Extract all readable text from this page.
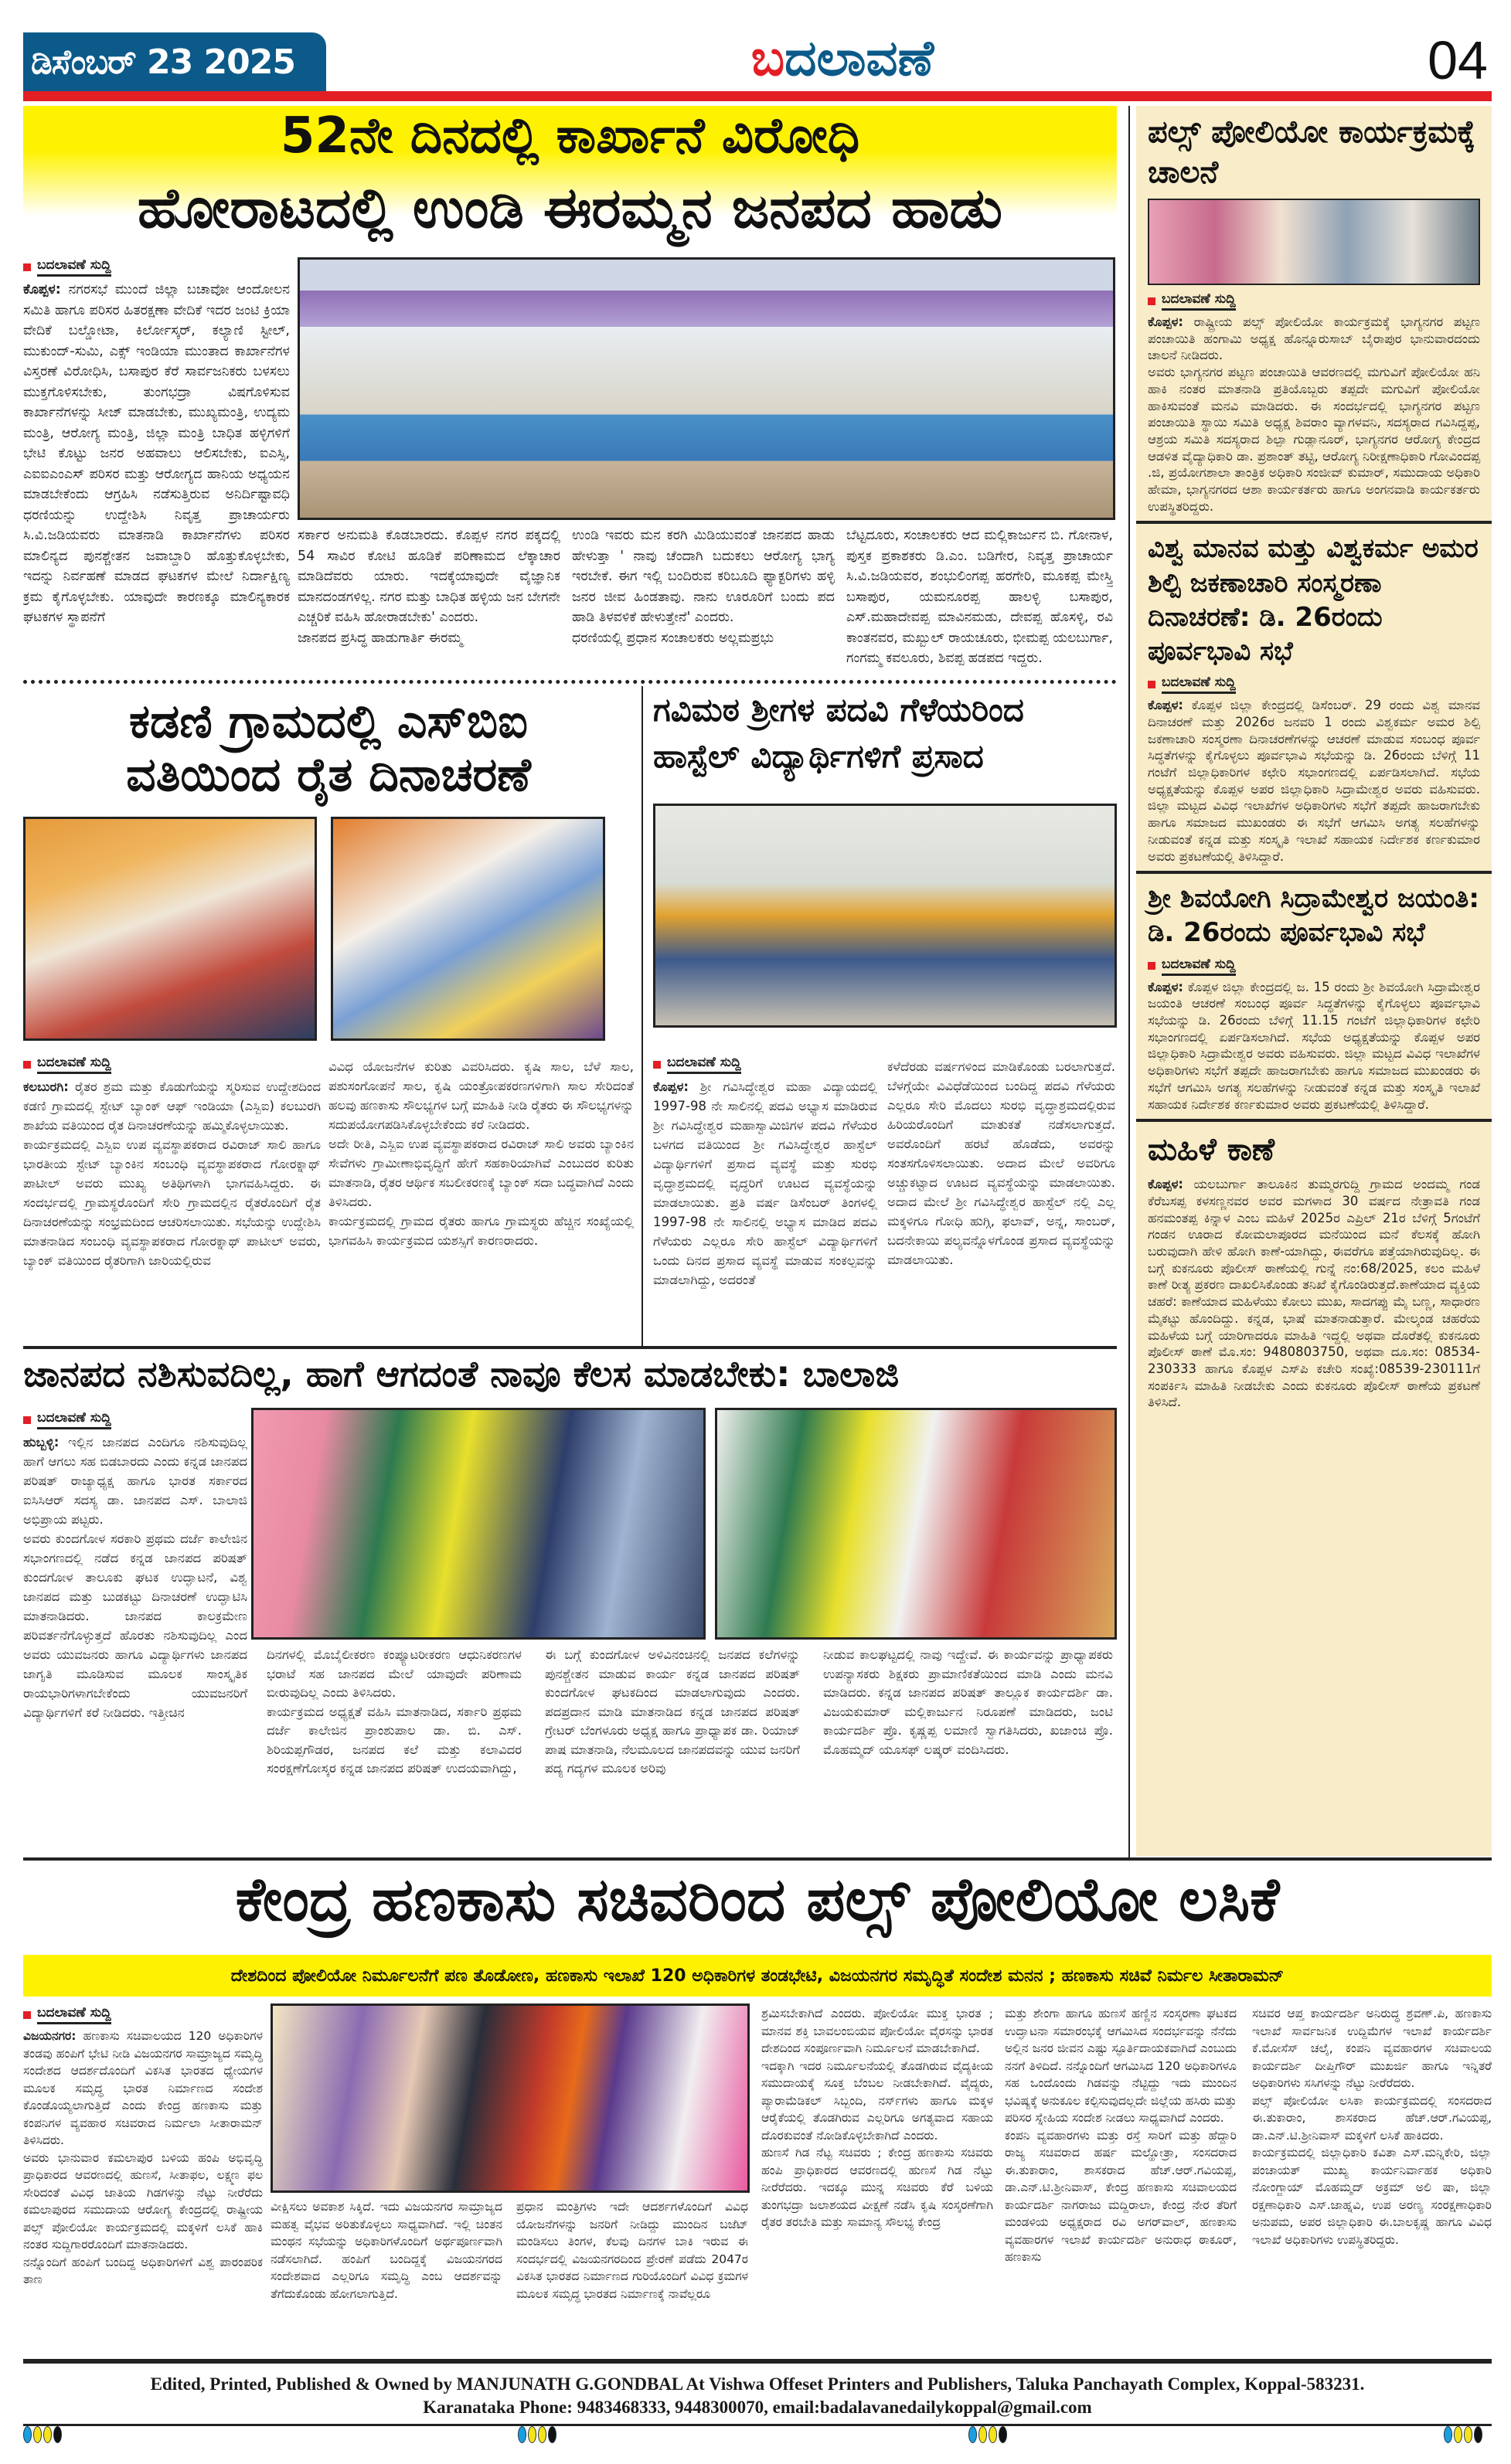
ಡಿಸೆಂಬರ್ 23 2025	ಬದಲಾವಣೆ	04
52ನೇ ದಿನದಲ್ಲಿ ಕಾರ್ಖಾನೆ ವಿರೋಧಿ
ಹೋರಾಟದಲ್ಲಿ ಉಂಡಿ ಈರಮ್ಮನ ಜನಪದ ಹಾಡು
ಬದಲಾವಣೆ ಸುದ್ದಿ
ಕೊಪ್ಪಳ: ನಗರಸಭೆ ಮುಂದೆ ಜಿಲ್ಲಾ ಬಚಾವೋ ಆಂದೋಲನ ಸಮಿತಿ ಹಾಗೂ ಪರಿಸರ ಹಿತರಕ್ಷಣಾ ವೇದಿಕೆ ಇದರ ಜಂಟಿ ಕ್ರಿಯಾ ವೇದಿಕೆ ಬಲ್ಡೋಟಾ, ಕಿರ್ಲೋಸ್ಕರ್, ಕಲ್ಯಾಣಿ ಸ್ಟೀಲ್, ಮುಕುಂದ್-ಸುಮಿ, ಎಕ್ಸ್ ಇಂಡಿಯಾ ಮುಂತಾದ ಕಾರ್ಖಾನೆಗಳ ವಿಸ್ತರಣೆ ವಿರೋಧಿಸಿ, ಬಸಾಪುರ ಕೆರೆ ಸಾರ್ವಜನಿಕರು ಬಳಸಲು ಮುಕ್ತಗೊಳಿಸಬೇಕು, ತುಂಗಭದ್ರಾ ವಿಷಗೊಳಿಸುವ ಕಾರ್ಖಾನೆಗಳನ್ನು ಸೀಜ್ ಮಾಡಬೇಕು, ಮುಖ್ಯಮಂತ್ರಿ, ಉದ್ಯಮ ಮಂತ್ರಿ, ಆರೋಗ್ಯ ಮಂತ್ರಿ, ಜಿಲ್ಲಾ ಮಂತ್ರಿ ಬಾಧಿತ ಹಳ್ಳಿಗಳಿಗೆ ಭೇಟಿ ಕೊಟ್ಟು ಜನರ ಅಹವಾಲು ಆಲಿಸಬೇಕು, ಐಎಸ್ಸಿ, ಎಐಐಎಂಎಸ್ ಪರಿಸರ ಮತ್ತು ಆರೋಗ್ಯದ ಹಾನಿಯ ಅಧ್ಯಯನ ಮಾಡಬೇಕೆಂದು ಆಗ್ರಹಿಸಿ ನಡೆಸುತ್ತಿರುವ ಅನಿರ್ದಿಷ್ಟಾವಧಿ ಧರಣಿಯನ್ನು ಉದ್ದೇಶಿಸಿ ನಿವೃತ್ತ ಪ್ರಾಚಾರ್ಯರು ಸಿ.ವಿ.ಜಡಿಯವರು ಮಾತನಾಡಿ ಕಾರ್ಖಾನೆಗಳು ಪರಿಸರ ಮಾಲಿನ್ಯದ ಪುನಶ್ಚೇತನ ಜವಾಬ್ದಾರಿ ಹೊತ್ತುಕೊಳ್ಳಬೇಕು, ಇದನ್ನು ನಿರ್ವಹಣೆ ಮಾಡದ ಘಟಕಗಳ ಮೇಲೆ ನಿರ್ದಾಕ್ಷಿಣ್ಯ ಕ್ರಮ ಕೈಗೊಳ್ಳಬೇಕು. ಯಾವುದೇ ಕಾರಣಕ್ಕೂ ಮಾಲಿನ್ಯಕಾರಕ ಘಟಕಗಳ ಸ್ಥಾಪನೆಗೆ
ಸರ್ಕಾರ ಅನುಮತಿ ಕೊಡಬಾರದು. ಕೊಪ್ಪಳ ನಗರ ಪಕ್ಕದಲ್ಲಿ 54 ಸಾವಿರ ಕೋಟಿ ಹೂಡಿಕೆ ಪರಿಣಾಮದ ಲೆಕ್ಕಾಚಾರ ಮಾಡಿದೆವರು ಯಾರು. ಇದಕ್ಕೆಯಾವುದೇ ವೈಜ್ಞಾನಿಕ ಮಾನದಂಡಗಳಿಲ್ಲ. ನಗರ ಮತ್ತು ಬಾಧಿತ ಹಳ್ಳಿಯ ಜನ ಬೇಗನೇ ಎಚ್ಚರಿಕೆ ವಹಿಸಿ ಹೋರಾಡಬೇಕು' ಎಂದರು.
ಜಾನಪದ ಪ್ರಸಿದ್ಧ ಹಾಡುಗಾರ್ತಿ ಈರಮ್ಮ
ಉಂಡಿ ಇವರು ಮನ ಕರಗಿ ಮಿಡಿಯುವಂತೆ ಜಾನಪದ ಹಾಡು ಹೇಳುತ್ತಾ ' ನಾವು ಚೆಂದಾಗಿ ಬದುಕಲು ಆರೋಗ್ಯ ಭಾಗ್ಯ ಇರಬೇಕೆ. ಈಗ ಇಲ್ಲಿ ಬಂದಿರುವ ಕರಿಬೂದಿ ಫ್ಯಾಕ್ಟರಿಗಳು ಹಳ್ಳಿ ಜನರ ಜೀವ ಹಿಂಡತಾವು. ನಾನು ಊರೂರಿಗೆ ಬಂದು ಪದ ಹಾಡಿ ತಿಳವಳಿಕೆ ಹೇಳುತ್ತೇನೆ' ಎಂದರು.
ಧರಣಿಯಲ್ಲಿ ಪ್ರಧಾನ ಸಂಚಾಲಕರು ಅಲ್ಲಮಪ್ರಭು
ಬೆಟ್ಟದೂರು, ಸಂಚಾಲಕರು ಆದ ಮಲ್ಲಿಕಾರ್ಜುನ ಬಿ. ಗೋನಾಳ, ಪುಸ್ತಕ ಪ್ರಕಾಶಕರು ಡಿ.ಎಂ. ಬಡಿಗೇರ, ನಿವೃತ್ತ ಪ್ರಾಚಾರ್ಯ ಸಿ.ವಿ.ಜಡಿಯವರ, ಶಂಭುಲಿಂಗಪ್ಪ ಹರಗೇರಿ, ಮೂಕಪ್ಪ ಮೇಸ್ತ್ರಿ ಬಸಾಪುರ, ಯಮನೂರಪ್ಪ ಹಾಲಳ್ಳಿ ಬಸಾಪುರ, ಎಸ್.ಮಹಾದೇವಪ್ಪ ಮಾವಿನಮಡು, ದೇವಪ್ಪ ಹೊಸಳ್ಳಿ, ರವಿ ಕಾಂತನವರ, ಮಖ್ಬುಲ್ ರಾಯಚೂರು, ಭೀಮಪ್ಪ ಯಲಬುರ್ಗಾ, ಗಂಗಮ್ಮ ಕವಲೂರು, ಶಿವಪ್ಪ ಹಡಪದ ಇದ್ದರು.
ಪಲ್ಸ್ ಪೋಲಿಯೋ ಕಾರ್ಯಕ್ರಮಕ್ಕೆ ಚಾಲನೆ
ಬದಲಾವಣೆ ಸುದ್ದಿ
ಕೊಪ್ಪಳ: ರಾಷ್ಟ್ರೀಯ ಪಲ್ಸ್ ಪೋಲಿಯೋ ಕಾರ್ಯಕ್ರಮಕ್ಕೆ ಭಾಗ್ಯನಗರ ಪಟ್ಟಣ ಪಂಚಾಯಿತಿ ಹಂಗಾಮಿ ಅಧ್ಯಕ್ಷ ಹೊನ್ನೂರುಸಾಬ್ ಬೈರಾಪುರ ಭಾನುವಾರದಂದು ಚಾಲನೆ ನೀಡಿದರು.
ಅವರು ಭಾಗ್ಯನಗರ ಪಟ್ಟಣ ಪಂಚಾಯಿತಿ ಆವರಣದಲ್ಲಿ ಮಗುವಿಗೆ ಪೋಲಿಯೋ ಹನಿ ಹಾಕಿ ನಂತರ ಮಾತನಾಡಿ ಪ್ರತಿಯೊಬ್ಬರು ತಪ್ಪದೇ ಮಗುವಿಗೆ ಪೋಲಿಯೋ ಹಾಕಿಸುವಂತೆ ಮನವಿ ಮಾಡಿದರು. ಈ ಸಂದರ್ಭದಲ್ಲಿ ಭಾಗ್ಯನಗರ ಪಟ್ಟಣ ಪಂಚಾಯಿತಿ ಸ್ಥಾಯಿ ಸಮಿತಿ ಅಧ್ಯಕ್ಷ ಶಿವರಾಂ ವ್ಯಾಗಳವನಿ, ಸದಸ್ಯರಾದ ಗವಿಸಿದ್ದಪ್ಪ, ಆಶ್ರಯ ಸಮಿತಿ ಸದಸ್ಯರಾದ ಶಿಲ್ಪಾ ಗುಡ್ಲಾನೂರ್, ಭಾಗ್ಯನಗರ ಆರೋಗ್ಯ ಕೇಂದ್ರದ ಆಡಳಿತ ವೈದ್ಯಾಧಿಕಾರಿ ಡಾ. ಪ್ರಶಾಂತ್ ತಟ್ಟಿ, ಆರೋಗ್ಯ ನಿರೀಕ್ಷಣಾಧಿಕಾರಿ ಗೋವಿಂದಪ್ಪ .ಜಿ, ಪ್ರಯೋಗಶಾಲಾ ತಾಂತ್ರಿಕ ಅಧಿಕಾರಿ ಸಂಜೀವ್ ಕುಮಾರ್, ಸಮುದಾಯ ಅಧಿಕಾರಿ ಹೇಮಾ, ಭಾಗ್ಯನಗರದ ಆಶಾ ಕಾರ್ಯಕರ್ತರು ಹಾಗೂ ಅಂಗನವಾಡಿ ಕಾರ್ಯಕರ್ತರು ಉಪಸ್ಥಿತರಿದ್ದರು.
ವಿಶ್ವ ಮಾನವ ಮತ್ತು ವಿಶ್ವಕರ್ಮ ಅಮರ ಶಿಲ್ಪಿ ಜಕಣಾಚಾರಿ ಸಂಸ್ಮರಣಾ ದಿನಾಚರಣೆ: ಡಿ. 26ರಂದು ಪೂರ್ವಭಾವಿ ಸಭೆ
ಬದಲಾವಣೆ ಸುದ್ದಿ
ಕೊಪ್ಪಳ: ಕೊಪ್ಪಳ ಜಿಲ್ಲಾ ಕೇಂದ್ರದಲ್ಲಿ ಡಿಸೆಂಬರ್. 29 ರಂದು ವಿಶ್ವ ಮಾನವ ದಿನಾಚರಣೆ ಮತ್ತು 2026ರ ಜನವರಿ 1 ರಂದು ವಿಶ್ವಕರ್ಮ ಅಮರ ಶಿಲ್ಪಿ ಜಕಣಾಚಾರಿ ಸಂಸ್ಮರಣಾ ದಿನಾಚರಣೆಗಳನ್ನು ಆಚರಣೆ ಮಾಡುವ ಸಂಬಂಧ ಪೂರ್ವ ಸಿದ್ಧತೆಗಳನ್ನು ಕೈಗೊಳ್ಳಲು ಪೂರ್ವಭಾವಿ ಸಭೆಯನ್ನು ಡಿ. 26ರಂದು ಬೆಳಿಗ್ಗೆ 11 ಗಂಟೆಗೆ ಜಿಲ್ಲಾಧಿಕಾರಿಗಳ ಕಛೇರಿ ಸಭಾಂಗಣದಲ್ಲಿ ಏರ್ಪಡಿಸಲಾಗಿದೆ. ಸಭೆಯ ಅಧ್ಯಕ್ಷತೆಯನ್ನು ಕೊಪ್ಪಳ ಅಪರ ಜಿಲ್ಲಾಧಿಕಾರಿ ಸಿದ್ರಾಮೇಶ್ವರ ಅವರು ವಹಿಸುವರು. ಜಿಲ್ಲಾ ಮಟ್ಟದ ವಿವಿಧ ಇಲಾಖೆಗಳ ಅಧಿಕಾರಿಗಳು ಸಭೆಗೆ ತಪ್ಪದೇ ಹಾಜರಾಗಬೇಕು ಹಾಗೂ ಸಮಾಜದ ಮುಖಂಡರು ಈ ಸಭೆಗೆ ಆಗಮಿಸಿ ಅಗತ್ಯ ಸಲಹೆಗಳನ್ನು ನೀಡುವಂತೆ ಕನ್ನಡ ಮತ್ತು ಸಂಸ್ಕೃತಿ ಇಲಾಖೆ ಸಹಾಯಕ ನಿರ್ದೇಶಕ ಕರ್ಣಕುಮಾರ ಅವರು ಪ್ರಕಟಣೆಯಲ್ಲಿ ತಿಳಿಸಿದ್ದಾರೆ.
ಶ್ರೀ ಶಿವಯೋಗಿ ಸಿದ್ರಾಮೇಶ್ವರ ಜಯಂತಿ: ಡಿ. 26ರಂದು ಪೂರ್ವಭಾವಿ ಸಭೆ
ಬದಲಾವಣೆ ಸುದ್ದಿ
ಕೊಪ್ಪಳ: ಕೊಪ್ಪಳ ಜಿಲ್ಲಾ ಕೇಂದ್ರದಲ್ಲಿ ಜ. 15 ರಂದು ಶ್ರೀ ಶಿವಯೋಗಿ ಸಿದ್ರಾಮೇಶ್ವರ ಜಯಂತಿ ಆಚರಣೆ ಸಂಬಂಧ ಪೂರ್ವ ಸಿದ್ಧತೆಗಳನ್ನು ಕೈಗೊಳ್ಳಲು ಪೂರ್ವಭಾವಿ ಸಭೆಯನ್ನು ಡಿ. 26ರಂದು ಬೆಳಿಗ್ಗೆ 11.15 ಗಂಟೆಗೆ ಜಿಲ್ಲಾಧಿಕಾರಿಗಳ ಕಛೇರಿ ಸಭಾಂಗಣದಲ್ಲಿ ಏರ್ಪಡಿಸಲಾಗಿದೆ. ಸಭೆಯ ಅಧ್ಯಕ್ಷತೆಯನ್ನು ಕೊಪ್ಪಳ ಅಪರ ಜಿಲ್ಲಾಧಿಕಾರಿ ಸಿದ್ರಾಮೇಶ್ವರ ಅವರು ವಹಿಸುವರು. ಜಿಲ್ಲಾ ಮಟ್ಟದ ವಿವಿಧ ಇಲಾಖೆಗಳ ಅಧಿಕಾರಿಗಳು ಸಭೆಗೆ ತಪ್ಪದೇ ಹಾಜರಾಗಬೇಕು ಹಾಗೂ ಸಮಾಜದ ಮುಖಂಡರು ಈ ಸಭೆಗೆ ಆಗಮಿಸಿ ಅಗತ್ಯ ಸಲಹೆಗಳನ್ನು ನೀಡುವಂತೆ ಕನ್ನಡ ಮತ್ತು ಸಂಸ್ಕೃತಿ ಇಲಾಖೆ ಸಹಾಯಕ ನಿರ್ದೇಶಕ ಕರ್ಣಕುಮಾರ ಅವರು ಪ್ರಕಟಣೆಯಲ್ಲಿ ತಿಳಿಸಿದ್ದಾರೆ.
ಮಹಿಳೆ ಕಾಣೆ
ಕೊಪ್ಪಳ: ಯಲಬುರ್ಗಾ ತಾಲೂಕಿನ ತುಮ್ಮರಗುದ್ದಿ ಗ್ರಾಮದ ಅಂದಮ್ಮ ಗಂಡ ಕೆರೆಬಸಪ್ಪ ಕಳಸಣ್ಣನವರ ಅವರ ಮಗಳಾದ 30 ವರ್ಷದ ನೇತ್ರಾವತಿ ಗಂಡ ಹನಮಂತಪ್ಪ ಕಿನ್ನಾಳ ಎಂಬ ಮಹಿಳೆ 2025ರ ಎಪ್ರಿಲ್ 21ರ ಬೆಳಿಗ್ಗೆ 5ಗಂಟೆಗೆ ಗಂಡನ ಊರಾದ ಕೋಮಲಾಪೂರದ ಮನೆಯಿಂದ ಮನೆ ಕೆಲಸಕ್ಕೆ ಹೋಗಿ ಬರುವುದಾಗಿ ಹೇಳಿ ಹೋಗಿ ಕಾಣೆ-ಯಾಗಿದ್ದು, ಈವರೆಗೂ ಪತ್ತೆಯಾಗಿರುವುದಿಲ್ಲ. ಈ ಬಗ್ಗೆ ಕುಕನೂರು ಪೊಲೀಸ್ ಠಾಣೆಯಲ್ಲಿ ಗುನ್ನೆ ನಂ:68/2025, ಕಲಂ ಮಹಿಳೆ ಕಾಣೆ ರೀತ್ಯ ಪ್ರಕರಣ ದಾಖಲಿಸಿಕೊಂಡು ತನಿಖೆ ಕೈಗೊಂಡಿರುತ್ತದೆ.ಕಾಣೆಯಾದ ವ್ಯಕ್ತಿಯ ಚಹರೆ: ಕಾಣೆಯಾದ ಮಹಿಳೆಯು ಕೋಲು ಮುಖ, ಸಾದಗಪ್ಪು ಮೈ ಬಣ್ಣ, ಸಾಧಾರಣ ಮೈಕಟ್ಟು ಹೊಂದಿದ್ದು. ಕನ್ನಡ, ಭಾಷೆ ಮಾತನಾಡುತ್ತಾರೆ. ಮೇಲ್ಕಂಡ ಚಹರೆಯ ಮಹಿಳೆಯ ಬಗ್ಗೆ ಯಾರಿಗಾದರೂ ಮಾಹಿತಿ ಇದ್ದಲ್ಲಿ ಅಥವಾ ದೊರೆತಲ್ಲಿ ಕುಕನೂರು ಪೊಲೀಸ್ ಠಾಣೆ ಮೊ.ಸಂ: 9480803750, ಅಥವಾ ದೂ.ಸಂ: 08534-230333 ಹಾಗೂ ಕೊಪ್ಪಳ ಎಸ್‌ಪಿ ಕಚೇರಿ ಸಂಖ್ಯೆ:08539-230111ಗೆ ಸಂಪರ್ಕಿಸಿ ಮಾಹಿತಿ ನೀಡಬೇಕು ಎಂದು ಕುಕನೂರು ಪೊಲೀಸ್ ಠಾಣೆಯ ಪ್ರಕಟಣೆ ತಿಳಿಸಿದೆ.
ಕಡಣಿ ಗ್ರಾಮದಲ್ಲಿ ಎಸ್‌ಬಿಐ
ವತಿಯಿಂದ ರೈತ ದಿನಾಚರಣೆ
ಬದಲಾವಣೆ ಸುದ್ದಿ
ಕಲಬುರಗಿ: ರೈತರ ಶ್ರಮ ಮತ್ತು ಕೊಡುಗೆಯನ್ನು ಸ್ಮರಿಸುವ ಉದ್ದೇಶದಿಂದ ಕಡಣಿ ಗ್ರಾಮದಲ್ಲಿ ಸ್ಟೇಟ್ ಬ್ಯಾಂಕ್ ಆಫ್ ಇಂಡಿಯಾ (ಎಸ್ಬಿಐ) ಕಲಬುರಗಿ ಶಾಖೆಯ ವತಿಯಿಂದ ರೈತ ದಿನಾಚರಣೆಯನ್ನು ಹಮ್ಮಿಕೊಳ್ಳಲಾಯಿತು.
ಕಾರ್ಯಕ್ರಮದಲ್ಲಿ ಎಸ್ಬಿಐ ಉಪ ವ್ಯವಸ್ಥಾಪಕರಾದ ರವಿರಾಜ್ ಸಾಲಿ ಹಾಗೂ ಭಾರತೀಯ ಸ್ಟೇಟ್ ಬ್ಯಾಂಕಿನ ಸಂಬಂಧಿ ವ್ಯವಸ್ಥಾಪಕರಾದ ಗೋರಕ್ನಾಥ್ ಪಾಟೀಲ್ ಅವರು ಮುಖ್ಯ ಅತಿಥಿಗಳಾಗಿ ಭಾಗವಹಿಸಿದ್ದರು. ಈ ಸಂದರ್ಭದಲ್ಲಿ ಗ್ರಾಮಸ್ಥರೊಂದಿಗೆ ಸೇರಿ ಗ್ರಾಮದಲ್ಲಿನ ರೈತರೊಂದಿಗೆ ರೈತ ದಿನಾಚರಣೆಯನ್ನು ಸಂಭ್ರಮದಿಂದ ಆಚರಿಸಲಾಯಿತು. ಸಭೆಯನ್ನು ಉದ್ದೇಶಿಸಿ ಮಾತನಾಡಿದ ಸಂಬಂಧಿ ವ್ಯವಸ್ಥಾಪಕರಾದ ಗೋರಕ್ನಾಥ್ ಪಾಟೀಲ್ ಅವರು, ಬ್ಯಾಂಕ್ ವತಿಯಿಂದ ರೈತರಿಗಾಗಿ ಜಾರಿಯಲ್ಲಿರುವ
ವಿವಿಧ ಯೋಜನೆಗಳ ಕುರಿತು ವಿವರಿಸಿದರು. ಕೃಷಿ ಸಾಲ, ಬೆಳೆ ಸಾಲ, ಪಶುಸಂಗೋಪನೆ ಸಾಲ, ಕೃಷಿ ಯಂತ್ರೋಪಕರಣಗಳಿಗಾಗಿ ಸಾಲ ಸೇರಿದಂತೆ ಹಲವು ಹಣಕಾಸು ಸೌಲಭ್ಯಗಳ ಬಗ್ಗೆ ಮಾಹಿತಿ ನೀಡಿ ರೈತರು ಈ ಸೌಲಭ್ಯಗಳನ್ನು ಸದುಪಯೋಗಪಡಿಸಿಕೊಳ್ಳಬೇಕೆಂದು ಕರೆ ನೀಡಿದರು.
ಅದೇ ರೀತಿ, ಎಸ್ಬಿಐ ಉಪ ವ್ಯವಸ್ಥಾಪಕರಾದ ರವಿರಾಜ್ ಸಾಲಿ ಅವರು ಬ್ಯಾಂಕಿನ ಸೇವೆಗಳು ಗ್ರಾಮೀಣಾಭಿವೃದ್ಧಿಗೆ ಹೇಗೆ ಸಹಕಾರಿಯಾಗಿವೆ ಎಂಬುದರ ಕುರಿತು ಮಾತನಾಡಿ, ರೈತರ ಆರ್ಥಿಕ ಸಬಲೀಕರಣಕ್ಕೆ ಬ್ಯಾಂಕ್ ಸದಾ ಬದ್ಧವಾಗಿದೆ ಎಂದು ತಿಳಿಸಿದರು.
ಕಾರ್ಯಕ್ರಮದಲ್ಲಿ ಗ್ರಾಮದ ರೈತರು ಹಾಗೂ ಗ್ರಾಮಸ್ಥರು ಹೆಚ್ಚಿನ ಸಂಖ್ಯೆಯಲ್ಲಿ ಭಾಗವಹಿಸಿ ಕಾರ್ಯಕ್ರಮದ ಯಶಸ್ಸಿಗೆ ಕಾರಣರಾದರು.
ಗವಿಮಠ ಶ್ರೀಗಳ ಪದವಿ ಗೆಳೆಯರಿಂದ
ಹಾಸ್ಟೆಲ್ ವಿದ್ಯಾರ್ಥಿಗಳಿಗೆ ಪ್ರಸಾದ
ಬದಲಾವಣೆ ಸುದ್ದಿ
ಕೊಪ್ಪಳ: ಶ್ರೀ ಗವಿಸಿದ್ಧೇಶ್ವರ ಮಹಾ ವಿದ್ಯಾಯದಲ್ಲಿ 1997-98 ನೇ ಸಾಲಿನಲ್ಲಿ ಪದವಿ ಅಭ್ಯಾಸ ಮಾಡಿರುವ ಶ್ರೀ ಗವಿಸಿದ್ಧೇಶ್ವರ ಮಹಾಸ್ವಾಮಿಜಿಗಳ ಪದವಿ ಗೆಳೆಯರ ಬಳಗದ ವತಿಯಿಂದ ಶ್ರೀ ಗವಿಸಿದ್ಧೇಶ್ವರ ಹಾಸ್ಟೆಲ್ ವಿದ್ಯಾರ್ಥಿಗಳಿಗೆ ಪ್ರಸಾದ ವ್ಯವಸ್ಥೆ ಮತ್ತು ಸುರಭಿ ವೃದ್ಧಾಶ್ರಮದಲ್ಲಿ ವೃದ್ಧರಿಗೆ ಊಟದ ವ್ಯವಸ್ಥೆಯನ್ನು ಮಾಡಲಾಯಿತು. ಪ್ರತಿ ವರ್ಷ ಡಿಸೆಂಬರ್ ತಿಂಗಳಲ್ಲಿ 1997-98 ನೇ ಸಾಲಿನಲ್ಲಿ ಅಭ್ಯಾಸ ಮಾಡಿದ ಪದವಿ ಗೆಳೆಯರು ಎಲ್ಲರೂ ಸೇರಿ ಹಾಸ್ಟೆಲ್ ವಿದ್ಯಾರ್ಥಿಗಳಿಗೆ ಒಂದು ದಿನದ ಪ್ರಸಾದ ವ್ಯವಸ್ಥೆ ಮಾಡುವ ಸಂಕಲ್ಪವನ್ನು ಮಾಡಲಾಗಿದ್ದು, ಅದರಂತೆ
ಕಳೆದೆರಡು ವರ್ಷಗಳಿಂದ ಮಾಡಿಕೊಂಡು ಬರಲಾಗುತ್ತದೆ. ಬೆಳಗ್ಗೆಯೇ ವಿವಿಧೆಡೆಯಿಂದ ಬಂದಿದ್ದ ಪದವಿ ಗೆಳೆಯರು ಎಲ್ಲರೂ ಸೇರಿ ಮೊದಲು ಸುರಭಿ ವೃದ್ಧಾಶ್ರಮದಲ್ಲಿರುವ ಹಿರಿಯರೊಂದಿಗೆ ಮಾತುಕತೆ ನಡೆಸಲಾಗುತ್ತದೆ. ಅವರೊಂದಿಗೆ ಹರಟೆ ಹೊಡೆದು, ಅವರನ್ನು ಸಂತಸಗೊಳಿಸಲಾಯಿತು. ಅದಾದ ಮೇಲೆ ಅವರಿಗೂ ಅಚ್ಚುಕಟ್ಟಾದ ಊಟದ ವ್ಯವಸ್ಥೆಯನ್ನು ಮಾಡಲಾಯಿತು. ಅದಾದ ಮೇಲೆ ಶ್ರೀ ಗವಿಸಿದ್ಧೇಶ್ವರ ಹಾಸ್ಟೆಲ್ ನಲ್ಲಿ ಎಲ್ಲ ಮಕ್ಕಳಿಗೂ ಗೋಧಿ ಹುಗ್ಗಿ, ಫಲಾವ್, ಅನ್ನ, ಸಾಂಬರ್, ಬದನೇಕಾಯಿ ಪಲ್ಯವನ್ನೊಳಗೊಂಡ ಪ್ರಸಾದ ವ್ಯವಸ್ಥೆಯನ್ನು ಮಾಡಲಾಯಿತು.
ಜಾನಪದ ನಶಿಸುವದಿಲ್ಲ, ಹಾಗೆ ಆಗದಂತೆ ನಾವೂ ಕೆಲಸ ಮಾಡಬೇಕು: ಬಾಲಾಜಿ
ಬದಲಾವಣೆ ಸುದ್ದಿ
ಹುಬ್ಬಳ್ಳಿ: ಇಲ್ಲಿನ ಜಾನಪದ ಎಂದಿಗೂ ನಶಿಸುವುದಿಲ್ಲ ಹಾಗೆ ಆಗಲು ಸಹ ಬಿಡಬಾರದು ಎಂದು ಕನ್ನಡ ಜಾನಪದ ಪರಿಷತ್ ರಾಜ್ಯಾಧ್ಯಕ್ಷ ಹಾಗೂ ಭಾರತ ಸರ್ಕಾರದ ಐಸಿಸಿಆರ್ ಸದಸ್ಯ ಡಾ. ಜಾನಪದ ಎಸ್. ಬಾಲಾಜಿ ಅಭಿಪ್ರಾಯ ಪಟ್ಟರು.
ಅವರು ಕುಂದಗೋಳ ಸರಕಾರಿ ಪ್ರಥಮ ದರ್ಜೆ ಕಾಲೇಜಿನ ಸಭಾಂಗಣದಲ್ಲಿ ನಡೆದ ಕನ್ನಡ ಜಾನಪದ ಪರಿಷತ್ ಕುಂದಗೋಳ ತಾಲೂಕು ಘಟಕ ಉದ್ಘಾಟನೆ, ವಿಶ್ವ ಜಾನಪದ ಮತ್ತು ಬುಡಕಟ್ಟು ದಿನಾಚರಣೆ ಉದ್ಘಾಟಿಸಿ ಮಾತನಾಡಿದರು. ಜಾನಪದ ಕಾಲಕ್ರಮೇಣ ಪರಿವರ್ತನೆಗೊಳ್ಳುತ್ತದೆ ಹೊರತು ನಶಿಸುವುದಿಲ್ಲ ಎಂದ ಅವರು ಯುವಜನರು ಹಾಗೂ ವಿದ್ಯಾರ್ಥಿಗಳು ಜಾನಪದ ಜಾಗೃತಿ ಮೂಡಿಸುವ ಮೂಲಕ ಸಾಂಸ್ಕೃತಿಕ ರಾಯಭಾರಿಗಳಾಗಬೇಕೆಂದು ಯುವಜನರಿಗೆ ವಿದ್ಯಾರ್ಥಿಗಳಿಗೆ ಕರೆ ನೀಡಿದರು. ಇತ್ತೀಚಿನ
ದಿನಗಳಲ್ಲಿ ಮೊಬೈಲೀಕರಣ ಕಂಪ್ಯೂಟರೀಕರಣ ಆಧುನಿಕರಣಗಳ ಭರಾಟೆ ಸಹ ಜಾನಪದ ಮೇಲೆ ಯಾವುದೇ ಪರಿಣಾಮ ಬೀರುವುದಿಲ್ಲ ಎಂದು ತಿಳಿಸಿದರು.
ಕಾರ್ಯಕ್ರಮದ ಅಧ್ಯಕ್ಷತೆ ವಹಿಸಿ ಮಾತನಾಡಿದ, ಸರ್ಕಾರಿ ಪ್ರಥಮ ದರ್ಜೆ ಕಾಲೇಜಿನ ಪ್ರಾಂಶುಪಾಲ ಡಾ. ಬಿ. ಎಸ್. ಶಿರಿಯಪ್ಪಗೌಡರ, ಜನಪದ ಕಲೆ ಮತ್ತು ಕಲಾವಿದರ ಸಂರಕ್ಷಣೆಗೋಸ್ಕರ ಕನ್ನಡ ಜಾನಪದ ಪರಿಷತ್ ಉದಯವಾಗಿದ್ದು,
ಈ ಬಗ್ಗೆ ಕುಂದಗೋಳ ಅಳಿವಿನಂಚಿನಲ್ಲಿ ಜನಪದ ಕಲೆಗಳನ್ನು ಪುನಶ್ಚೇತನ ಮಾಡುವ ಕಾರ್ಯ ಕನ್ನಡ ಜಾನಪದ ಪರಿಷತ್ ಕುಂದಗೋಳ ಘಟಕದಿಂದ ಮಾಡಲಾಗುವುದು ಎಂದರು. ಪದಪ್ರದಾನ ಮಾಡಿ ಮಾತನಾಡಿದ ಕನ್ನಡ ಜಾನಪದ ಪರಿಷತ್ ಗ್ರೇಟರ್ ಬೆಂಗಳೂರು ಅಧ್ಯಕ್ಷ ಹಾಗೂ ಪ್ರಾಧ್ಯಾಪಕ ಡಾ. ರಿಯಾಜ್ ಪಾಷ ಮಾತನಾಡಿ, ನೆಲಮೂಲದ ಜಾನಪದವನ್ನು ಯುವ ಜನರಿಗೆ ಪದ್ಯ ಗದ್ಯಗಳ ಮೂಲಕ ಅರಿವು
ನೀಡುವ ಕಾಲಘಟ್ಟದಲ್ಲಿ ನಾವು ಇದ್ದೇವೆ. ಈ ಕಾರ್ಯವನ್ನು ಪ್ರಾಧ್ಯಾಪಕರು ಉಪನ್ಯಾಸಕರು ಶಿಕ್ಷಕರು ಪ್ರಾಮಾಣಿಕತೆಯಿಂದ ಮಾಡಿ ಎಂದು ಮನವಿ ಮಾಡಿದರು. ಕನ್ನಡ ಜಾನಪದ ಪರಿಷತ್ ತಾಲ್ಲೂಕ ಕಾರ್ಯದರ್ಶಿ ಡಾ. ವಿಜಯಕುಮಾರ್ ಮಲ್ಲಿಕಾರ್ಜುನ ನಿರೂಪಣೆ ಮಾಡಿದರು, ಜಂಟಿ ಕಾರ್ಯದರ್ಶಿ ಪ್ರೊ. ಕೃಷ್ಣಪ್ಪ ಲಮಾಣಿ ಸ್ವಾಗತಿಸಿದರು, ಖಜಾಂಚಿ ಪ್ರೊ. ಮೊಹಮ್ಮದ್ ಯೂಸಫ್ ಲಷ್ಕರ್ ವಂದಿಸಿದರು.
ಕೇಂದ್ರ ಹಣಕಾಸು ಸಚಿವರಿಂದ ಪಲ್ಸ್ ಪೋಲಿಯೋ ಲಸಿಕೆ
ದೇಶದಿಂದ ಪೋಲಿಯೋ ನಿರ್ಮೂಲನೆಗೆ ಪಣ ತೊಡೋಣ, ಹಣಕಾಸು ಇಲಾಖೆ 120 ಅಧಿಕಾರಿಗಳ ತಂಡಭೇಟಿ, ವಿಜಯನಗರ ಸಮೃದ್ಧಿತೆ ಸಂದೇಶ ಮನನ ; ಹಣಕಾಸು ಸಚಿವೆ ನಿರ್ಮಲ ಸೀತಾರಾಮನ್
ಬದಲಾವಣೆ ಸುದ್ದಿ
ವಿಜಯನಗರ: ಹಣಕಾಸು ಸಚಿವಾಲಯದ 120 ಅಧಿಕಾರಿಗಳ ತಂಡವು ಹಂಪಿಗೆ ಭೇಟಿ ನೀಡಿ ವಿಜಯನಗರ ಸಾಮ್ರಾಜ್ಯದ ಸಮೃದ್ಧಿ ಸಂದೇಶದ ಆದರ್ಶದೊಂದಿಗೆ ವಿಕಸಿತ ಭಾರತದ ಧ್ಯೇಯಗಳ ಮೂಲಕ ಸಮೃದ್ಧ ಭಾರತ ನಿರ್ಮಾಣದ ಸಂದೇಶ ಕೊಂಡೊಯ್ಯಲಾಗುತ್ತಿದೆ ಎಂದು ಕೇಂದ್ರ ಹಣಕಾಸು ಮತ್ತು ಕಂಪನಿಗಳ ವ್ಯವಹಾರ ಸಚಿವರಾದ ನಿರ್ಮಲಾ ಸೀತಾರಾಮನ್ ತಿಳಿಸಿದರು.
ಅವರು ಭಾನುವಾರ ಕಮಲಾಪುರ ಬಳಿಯ ಹಂಪಿ ಅಭಿವೃದ್ಧಿ ಪ್ರಾಧಿಕಾರದ ಆವರಣದಲ್ಲಿ ಹುಣಸೆ, ಸೀತಾಫಲ, ಲಕ್ಷ್ಮಣ ಫಲ ಸೇರಿದಂತೆ ವಿವಿಧ ಜಾತಿಯ ಗಿಡಗಳನ್ನು ನೆಟ್ಟು ನೀರೆರೆದು ಕಮಲಾಪುರದ ಸಮುದಾಯ ಆರೋಗ್ಯ ಕೇಂದ್ರದಲ್ಲಿ ರಾಷ್ಟ್ರೀಯ ಪಲ್ಸ್ ಪೋಲಿಯೋ ಕಾರ್ಯಕ್ರಮದಲ್ಲಿ ಮಕ್ಕಳಿಗೆ ಲಸಿಕೆ ಹಾಕಿ ನಂತರ ಸುದ್ದಿಗಾರರೊಂದಿಗೆ ಮಾತನಾಡಿದರು.
ನನ್ನೊಂದಿಗೆ ಹಂಪಿಗೆ ಬಂದಿದ್ದ ಅಧಿಕಾರಿಗಳಿಗೆ ವಿಶ್ವ ಪಾರಂಪರಿಕ ತಾಣ
ವೀಕ್ಷಿಸಲು ಅವಕಾಶ ಸಿಕ್ಕಿದೆ. ಇದು ವಿಜಯನಗರ ಸಾಮ್ರಾಜ್ಯದ ಮಹತ್ವ ವೈಭವ ಅರಿತುಕೊಳ್ಳಲು ಸಾಧ್ಯವಾಗಿದೆ. ಇಲ್ಲಿ ಚಿಂತನ ಮಂಥನ ಸಭೆಯನ್ನು ಅಧಿಕಾರಿಗಳೊಂದಿಗೆ ಅರ್ಥಪೂರ್ಣವಾಗಿ ನಡೆಸಲಾಗಿದೆ. ಹಂಪಿಗೆ ಬಂದಿದ್ದಕ್ಕೆ ವಿಜಯನಗರದ ಸಂದೇಶವಾದ ಎಲ್ಲರಿಗೂ ಸಮೃದ್ಧಿ ಎಂಬ ಆದರ್ಶವನ್ನು ತೆಗೆದುಕೊಂಡು ಹೋಗಲಾಗುತ್ತಿದೆ.
ಪ್ರಧಾನ ಮಂತ್ರಿಗಳು ಇದೇ ಆದರ್ಶಗಳೊಂದಿಗೆ ವಿವಿಧ ಯೋಜನೆಗಳನ್ನು ಜನರಿಗೆ ನೀಡಿದ್ದು ಮುಂದಿನ ಬಜೆಟ್ ಮಂಡಿಸಲು ತಿಂಗಳ, ಕೆಲವು ದಿನಗಳ ಬಾಕಿ ಇರುವ ಈ ಸಂದರ್ಭದಲ್ಲಿ ವಿಜಯನಗರದಿಂದ ಪ್ರೇರಣೆ ಪಡೆದು 2047ರ ವಿಕಸಿತ ಭಾರತದ ನಿರ್ಮಾಣದ ಗುರಿಯೊಂದಿಗೆ ವಿವಿಧ ಕ್ರಮಗಳ ಮೂಲಕ ಸಮೃದ್ಧ ಭಾರತದ ನಿರ್ಮಾಣಕ್ಕೆ ನಾವೆಲ್ಲರೂ
ಶ್ರಮಿಸಬೇಕಾಗಿದೆ ಎಂದರು. ಪೋಲಿಯೋ ಮುಕ್ತ ಭಾರತ ; ಮಾನವ ಶಕ್ತಿ ಬಾವಲಂಬಿಯವ ಪೋಲಿಯೋ ವೈರಸನ್ನು ಭಾರತ ದೇಶದಿಂದ ಸಂಪೂರ್ಣವಾಗಿ ನಿರ್ಮೂಲನೆ ಮಾಡಬೇಕಾಗಿದೆ.
ಇದಕ್ಕಾಗಿ ಇದರ ನಿರ್ಮೂಲನೆಯಲ್ಲಿ ತೊಡಗಿರುವ ವೈದ್ಯಕೀಯ ಸಮುದಾಯಕ್ಕೆ ಸೂಕ್ತ ಬೆಂಬಲ ನೀಡಬೇಕಾಗಿದೆ. ವೈದ್ಯರು, ಪ್ಯಾರಾಮೆಡಿಕಲ್ ಸಿಬ್ಬಂದಿ, ನರ್ಸ್‌ಗಳು ಹಾಗೂ ಮಕ್ಕಳ ಆರೈಕೆಯಲ್ಲಿ ತೊಡಗಿರುವ ಎಲ್ಲರಿಗೂ ಅಗತ್ಯವಾದ ಸಹಾಯ ದೊರಕುವಂತೆ ನೋಡಿಕೊಳ್ಳಬೇಕಾಗಿದೆ ಎಂದರು.
ಹುಣಸೆ ಗಿಡ ನೆಟ್ಟ ಸಚಿವರು ; ಕೇಂದ್ರ ಹಣಕಾಸು ಸಚಿವರು ಹಂಪಿ ಪ್ರಾಧಿಕಾರದ ಆವರಣದಲ್ಲಿ ಹುಣಸೆ ಗಿಡ ನೆಟ್ಟು ನೀರೆರೆದರು. ಇದಕ್ಕೂ ಮುನ್ನ ಸಚಿವರು ಕೆರೆ ಬಳಿಯ ತುಂಗಭದ್ರಾ ಜಲಾಶಯದ ವೀಕ್ಷಣೆ ನಡೆಸಿ ಕೃಷಿ ಸಂಸ್ಕರಣೆಗಾಗಿ ರೈತರ ತರಬೇತಿ ಮತ್ತು ಸಾಮಾನ್ಯ ಸೌಲಭ್ಯ ಕೇಂದ್ರ
ಮತ್ತು ಶೇಂಗಾ ಹಾಗೂ ಹುಣಸೆ ಹಣ್ಣಿನ ಸಂಸ್ಕರಣಾ ಘಟಕದ ಉದ್ಘಾಟನಾ ಸಮಾರಂಭಕ್ಕೆ ಆಗಮಿಸಿದ ಸಂದರ್ಭವನ್ನು ನೆನೆದು ಅಲ್ಲಿನ ಜನರ ಜೀವನ ಎಷ್ಟು ಸ್ಫೂರ್ತಿದಾಯಕವಾಗಿದೆ ಎಂಬುದು ನನಗೆ ತಿಳಿದಿದೆ. ನನ್ನೊಂದಿಗೆ ಆಗಮಿಸಿದ 120 ಅಧಿಕಾರಿಗಳೂ ಸಹ ಒಂದೊಂದು ಗಿಡವನ್ನು ನೆಟ್ಟಿದ್ದು ಇದು ಮುಂದಿನ ಭವಿಷ್ಯಕ್ಕೆ ಅನುಕೂಲ ಕಲ್ಪಿಸುವುದಲ್ಲದೇ ಜಿಲ್ಲೆಯ ಹಸಿರು ಮತ್ತು ಪರಿಸರ ಸ್ನೇಹಿಯ ಸಂದೇಶ ನೀಡಲು ಸಾಧ್ಯವಾಗಿದೆ ಎಂದರು.
ಕಂಪನಿ ವ್ಯವಹಾರಗಳು ಮತ್ತು ರಸ್ತೆ ಸಾರಿಗೆ ಮತ್ತು ಹೆದ್ದಾರಿ ರಾಜ್ಯ ಸಚಿವರಾದ ಹರ್ಷ ಮಲ್ಹೋತ್ರಾ, ಸಂಸದರಾದ ಈ.ತುಕಾರಾಂ, ಶಾಸಕರಾದ ಹೆಚ್.ಆರ್.ಗವಿಯಪ್ಪ, ಡಾ.ಎನ್.ಟಿ.ಶ್ರೀನಿವಾಸ್, ಕೇಂದ್ರ ಹಣಕಾಸು ಸಚಿವಾಲಯದ ಕಾರ್ಯದರ್ಶಿ ನಾಗರಾಜು ಮದ್ದಿರಾಲಾ, ಕೇಂದ್ರ ನೇರ ತೆರಿಗೆ ಮಂಡಳಿಯ ಅಧ್ಯಕ್ಷರಾದ ರವಿ ಅಗರ್‌ವಾಲ್, ಹಣಕಾಸು ವ್ಯವಹಾರಗಳ ಇಲಾಖೆ ಕಾರ್ಯದರ್ಶಿ ಅನುರಾಧ ಠಾಕೂರ್, ಹಣಕಾಸು
ಸಚಿವರ ಆಪ್ತ ಕಾರ್ಯದರ್ಶಿ ಅನಿರುದ್ಧ ಶ್ರವಣ್.ಪಿ, ಹಣಕಾಸು ಇಲಾಖೆ ಸಾರ್ವಜನಿಕ ಉದ್ದಿಮೆಗಳ ಇಲಾಖೆ ಕಾರ್ಯದರ್ಶಿ ಕೆ.ಮೋಸೆಸ್ ಚಲೈ, ಕಂಪನಿ ವ್ಯವಹಾರಗಳ ಸಚಿವಾಲಯ ಕಾರ್ಯದರ್ಶಿ ದೀಪ್ತಿಗೌರ್ ಮುಖರ್ಜಿ ಹಾಗೂ ಇನ್ನಿತರೆ ಅಧಿಕಾರಿಗಳು ಸಸಿಗಳನ್ನು ನೆಟ್ಟು ನೀರೆರೆದರು.
ಪಲ್ಸ್ ಪೋಲಿಯೋ ಲಸಿಕಾ ಕಾರ್ಯಕ್ರಮದಲ್ಲಿ ಸಂಸದರಾದ ಈ.ತುಕಾರಾಂ, ಶಾಸಕರಾದ ಹೆಚ್.ಆರ್.ಗವಿಯಪ್ಪ, ಡಾ.ಎನ್.ಟಿ.ಶ್ರೀನಿವಾಸ್ ಮಕ್ಕಳಿಗೆ ಲಸಿಕೆ ಹಾಕಿದರು.
ಕಾರ್ಯಕ್ರಮದಲ್ಲಿ ಜಿಲ್ಲಾಧಿಕಾರಿ ಕವಿತಾ ಎಸ್.ಮನ್ನಿಕೇರಿ, ಜಿಲ್ಲಾ ಪಂಚಾಯತ್ ಮುಖ್ಯ ಕಾರ್ಯನಿರ್ವಾಹಕ ಅಧಿಕಾರಿ ನೋಂಗ್ಜಾಯ್ ಮೊಹಮ್ಮದ್ ಅಕ್ರಮ್ ಅಲಿ ಷಾ, ಜಿಲ್ಲಾ ರಕ್ಷಣಾಧಿಕಾರಿ ಎಸ್.ಜಾಹ್ನವಿ, ಉಪ ಅರಣ್ಯ ಸಂರಕ್ಷಣಾಧಿಕಾರಿ ಅನುಪಮ, ಅಪರ ಜಿಲ್ಲಾಧಿಕಾರಿ ಈ.ಬಾಲಕೃಷ್ಣ ಹಾಗೂ ವಿವಿಧ ಇಲಾಖೆ ಅಧಿಕಾರಿಗಳು ಉಪಸ್ಥಿತರಿದ್ದರು.
Edited, Printed, Published & Owned by MANJUNATH G.GONDBAL At Vishwa Offeset Printers and Publishers, Taluka Panchayath Complex, Koppal-583231.
Karanataka Phone: 9483468333, 9448300070, email:badalavanedailykoppal@gmail.com
